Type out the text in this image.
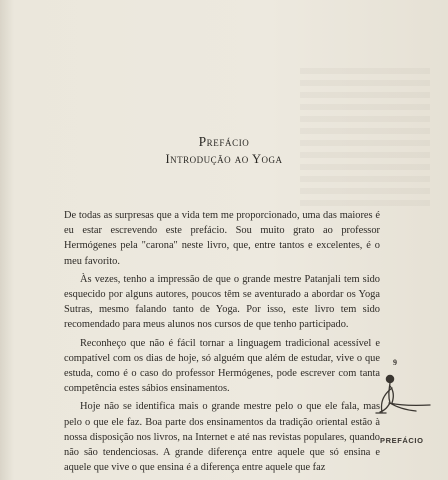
Prefácio
Introdução ao Yoga

De todas as surpresas que a vida tem me proporcionado, uma das maiores é eu estar escrevendo este prefácio. Sou muito grato ao professor Hermógenes pela "carona" neste livro, que, entre tantos e excelentes, é o meu favorito.

Às vezes, tenho a impressão de que o grande mestre Patanjali tem sido esquecido por alguns autores, poucos têm se aventurado a abordar os Yoga Sutras, mesmo falando tanto de Yoga. Por isso, este livro tem sido recomendado para meus alunos nos cursos de que tenho participado.

Reconheço que não é fácil tornar a linguagem tradicional acessível e compatível com os dias de hoje, só alguém que além de estudar, vive o que estuda, como é o caso do professor Hermógenes, pode escrever com tanta competência estes sábios ensinamentos.

Hoje não se identifica mais o grande mestre pelo o que ele fala, mas pelo o que ele faz. Boa parte dos ensinamentos da tradição oriental estão à nossa disposição nos livros, na Internet e até nas revistas populares, quando não são tendenciosas. A grande diferença entre aquele que só ensina e aquele que vive o que ensina é a diferença entre aquele que faz

9
PREFÁCIO
